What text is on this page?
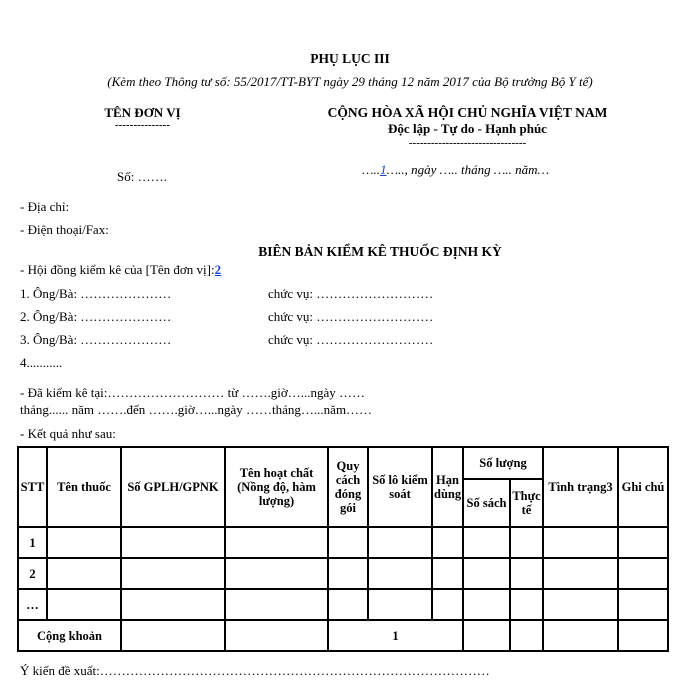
PHỤ LỤC III
(Kèm theo Thông tư số: 55/2017/TT-BYT ngày 29 tháng 12 năm 2017 của Bộ trưởng Bộ Y tế)
TÊN ĐƠN VỊ
---------------
Số: …….
CỘNG HÒA XÃ HỘI CHỦ NGHĨA VIỆT NAM
Độc lập - Tự do - Hạnh phúc
--------------------------------
…..1….., ngày ….. tháng ….. năm…
- Địa chỉ:
- Điện thoại/Fax:
BIÊN BẢN KIỂM KÊ THUỐC ĐỊNH KỲ
- Hội đồng kiểm kê của [Tên đơn vị]:2
1. Ông/Bà: …………………	chức vụ: ………………………
2. Ông/Bà: …………………	chức vụ: ………………………
3. Ông/Bà: …………………	chức vụ: ………………………
4...........
- Đã kiểm kê tại:……………………… từ …….giờ…...ngày ……
tháng...... năm …….đến …….giờ…...ngày ……tháng…...năm……
- Kết quả như sau:
STT	Tên thuốc	Số GPLH/GPNK	Tên hoạt chất (Nồng độ, hàm lượng)	Quy cách đóng gói	Số lô kiểm soát	Hạn dùng	Số lượng		Tình trạng3	Ghi chú
							Số sách	Thực tế		
1										
2										
…										
Cộng khoản				1						
Ý kiến đề xuất:………………………………………………………………………………
